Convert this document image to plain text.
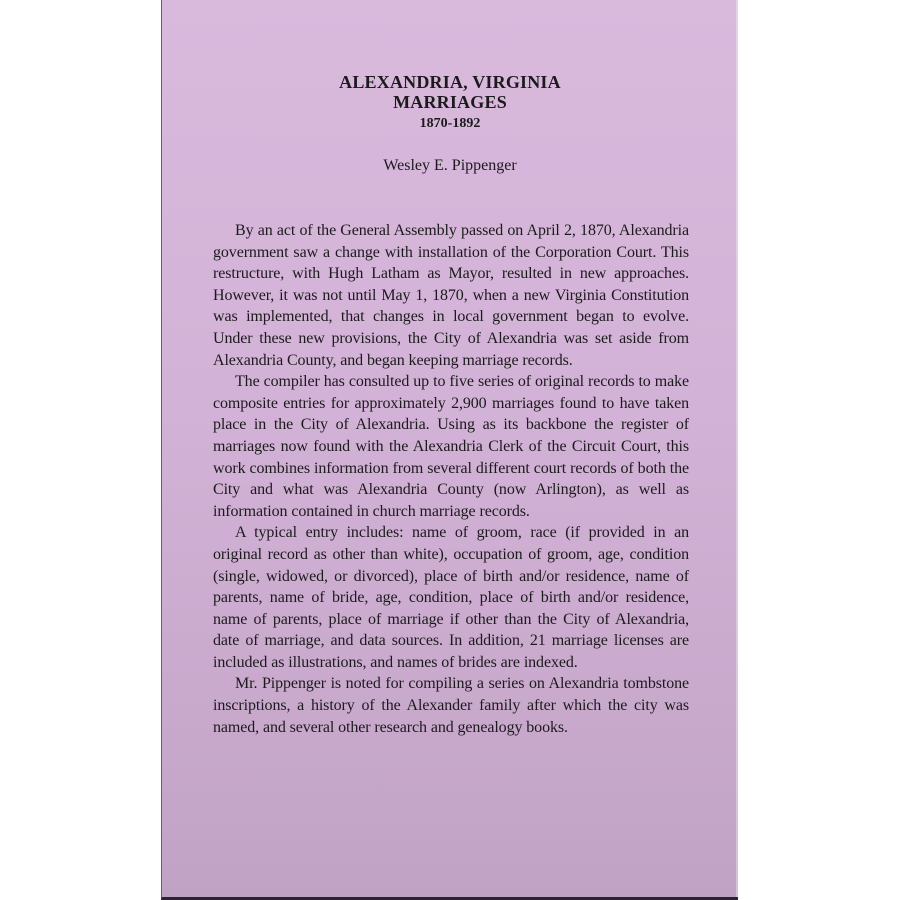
ALEXANDRIA, VIRGINIA
MARRIAGES
1870-1892
Wesley E. Pippenger

By an act of the General Assembly passed on April 2, 1870, Alexandria government saw a change with installation of the Corporation Court. This restructure, with Hugh Latham as Mayor, resulted in new approaches. However, it was not until May 1, 1870, when a new Virginia Constitution was implemented, that changes in local government began to evolve. Under these new provisions, the City of Alexandria was set aside from Alexandria County, and began keeping marriage records.

The compiler has consulted up to five series of original records to make composite entries for approximately 2,900 marriages found to have taken place in the City of Alexandria. Using as its backbone the register of marriages now found with the Alexandria Clerk of the Circuit Court, this work combines information from several different court records of both the City and what was Alexandria County (now Arlington), as well as information contained in church marriage records.

A typical entry includes: name of groom, race (if provided in an original record as other than white), occupation of groom, age, condition (single, widowed, or divorced), place of birth and/or residence, name of parents, name of bride, age, condition, place of birth and/or residence, name of parents, place of marriage if other than the City of Alexandria, date of marriage, and data sources. In addition, 21 marriage licenses are included as illustrations, and names of brides are indexed.

Mr. Pippenger is noted for compiling a series on Alexandria tombstone inscriptions, a history of the Alexander family after which the city was named, and several other research and genealogy books.
